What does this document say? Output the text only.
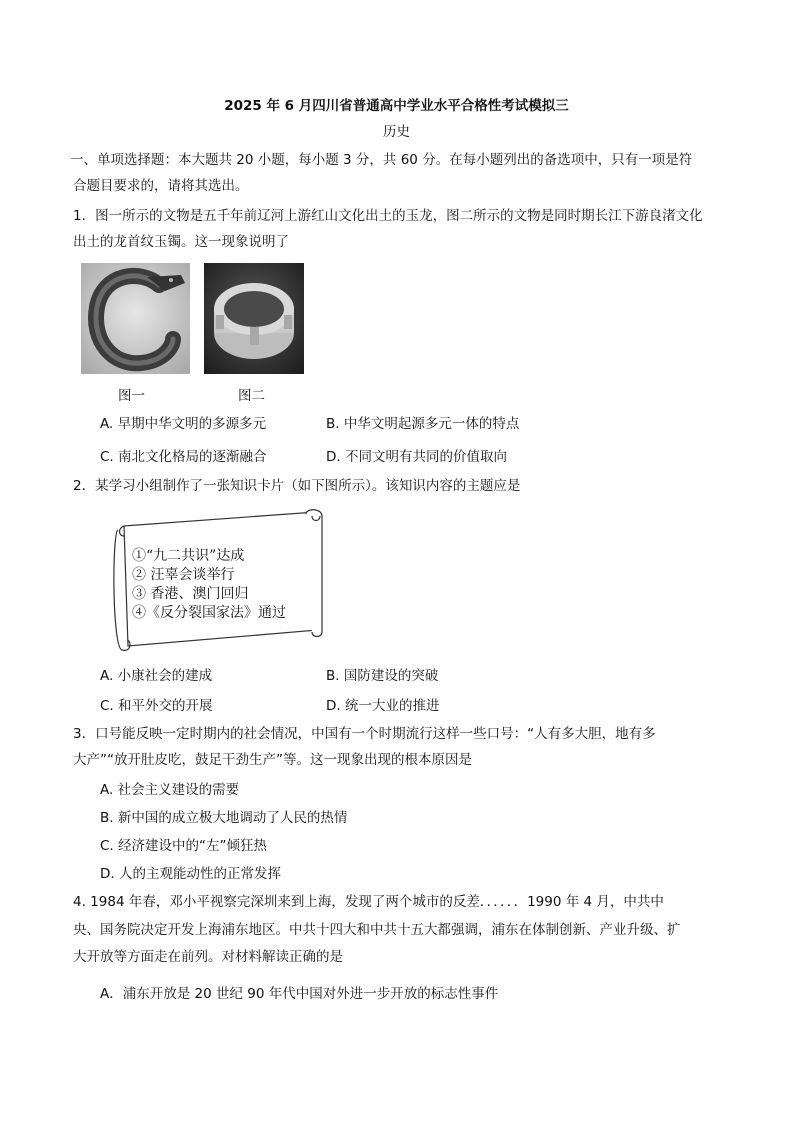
2025 年 6 月四川省普通高中学业水平合格性考试模拟三
历史
一、单项选择题：本大题共 20 小题，每小题 3 分，共 60 分。在每小题列出的备选项中，只有一项是符
合题目要求的，请将其选出。
1．图一所示的文物是五千年前辽河上游红山文化出土的玉龙，图二所示的文物是同时期长江下游良渚文化
出土的龙首纹玉镯。这一现象说明了
图一	图二
A. 早期中华文明的多源多元	B. 中华文明起源多元一体的特点
C. 南北文化格局的逐渐融合	D. 不同文明有共同的价值取向
2．某学习小组制作了一张知识卡片（如下图所示）。该知识内容的主题应是
①“九二共识”达成
② 汪辜会谈举行
③ 香港、澳门回归
④《反分裂国家法》通过
A. 小康社会的建成	B. 国防建设的突破
C. 和平外交的开展	D. 统一大业的推进
3．口号能反映一定时期内的社会情况，中国有一个时期流行这样一些口号：“人有多大胆，地有多
大产”“放开肚皮吃，鼓足干劲生产”等。这一现象出现的根本原因是
A. 社会主义建设的需要
B. 新中国的成立极大地调动了人民的热情
C. 经济建设中的“左”倾狂热
D. 人的主观能动性的正常发挥
4. 1984 年春，邓小平视察完深圳来到上海，发现了两个城市的反差．．．．．．1990 年 4 月，中共中
央、国务院决定开发上海浦东地区。中共十四大和中共十五大都强调，浦东在体制创新、产业升级、扩
大开放等方面走在前列。对材料解读正确的是
A．浦东开放是 20 世纪 90 年代中国对外进一步开放的标志性事件
